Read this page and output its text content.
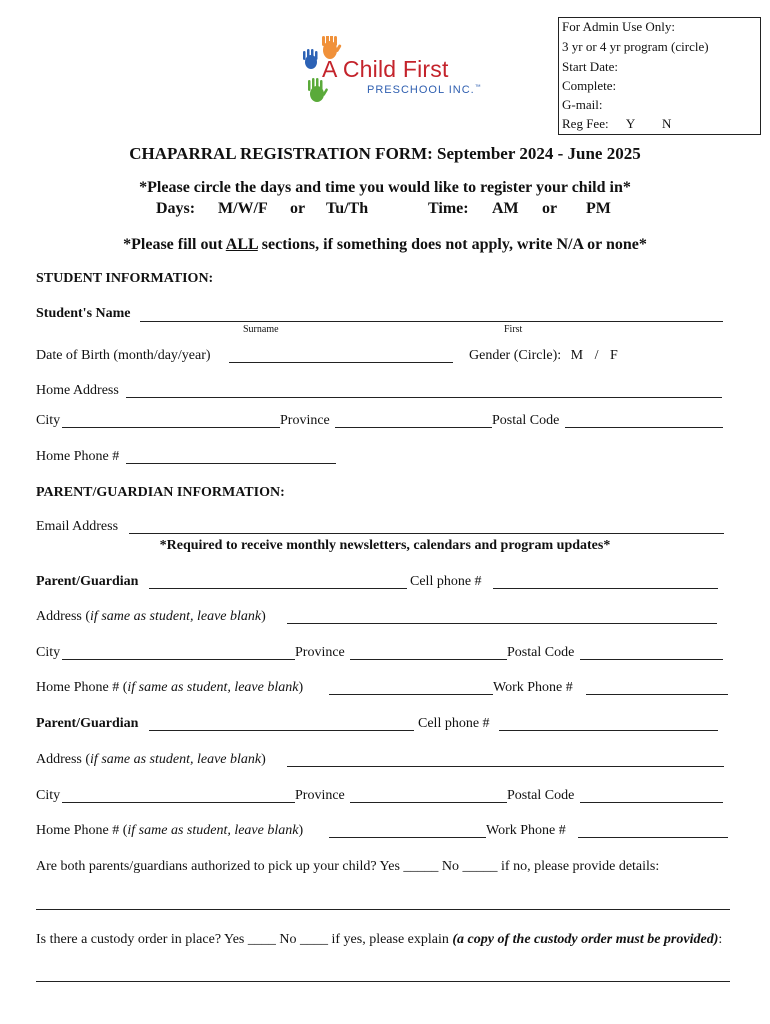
For Admin Use Only:
3 yr or 4 yr program (circle)
Start Date:
Complete:
G-mail:
Reg Fee: Y N
A Child First
PRESCHOOL INC.™
CHAPARRAL REGISTRATION FORM: September 2024 - June 2025
*Please circle the days and time you would like to register your child in*
Days: M/W/F or Tu/Th	Time: AM or PM
*Please fill out ALL sections, if something does not apply, write N/A or none*
STUDENT INFORMATION:
Student's Name
Surname	First
Date of Birth (month/day/year)	Gender (Circle): M / F
Home Address
City	Province	Postal Code
Home Phone #
PARENT/GUARDIAN INFORMATION:
Email Address
*Required to receive monthly newsletters, calendars and program updates*
Parent/Guardian	Cell phone #
Address (if same as student, leave blank)
City	Province	Postal Code
Home Phone # (if same as student, leave blank)	Work Phone #
Parent/Guardian	Cell phone #
Address (if same as student, leave blank)
City	Province	Postal Code
Home Phone # (if same as student, leave blank)	Work Phone #
Are both parents/guardians authorized to pick up your child? Yes _____ No _____ if no, please provide details:
Is there a custody order in place? Yes ____ No ____ if yes, please explain (a copy of the custody order must be provided):
